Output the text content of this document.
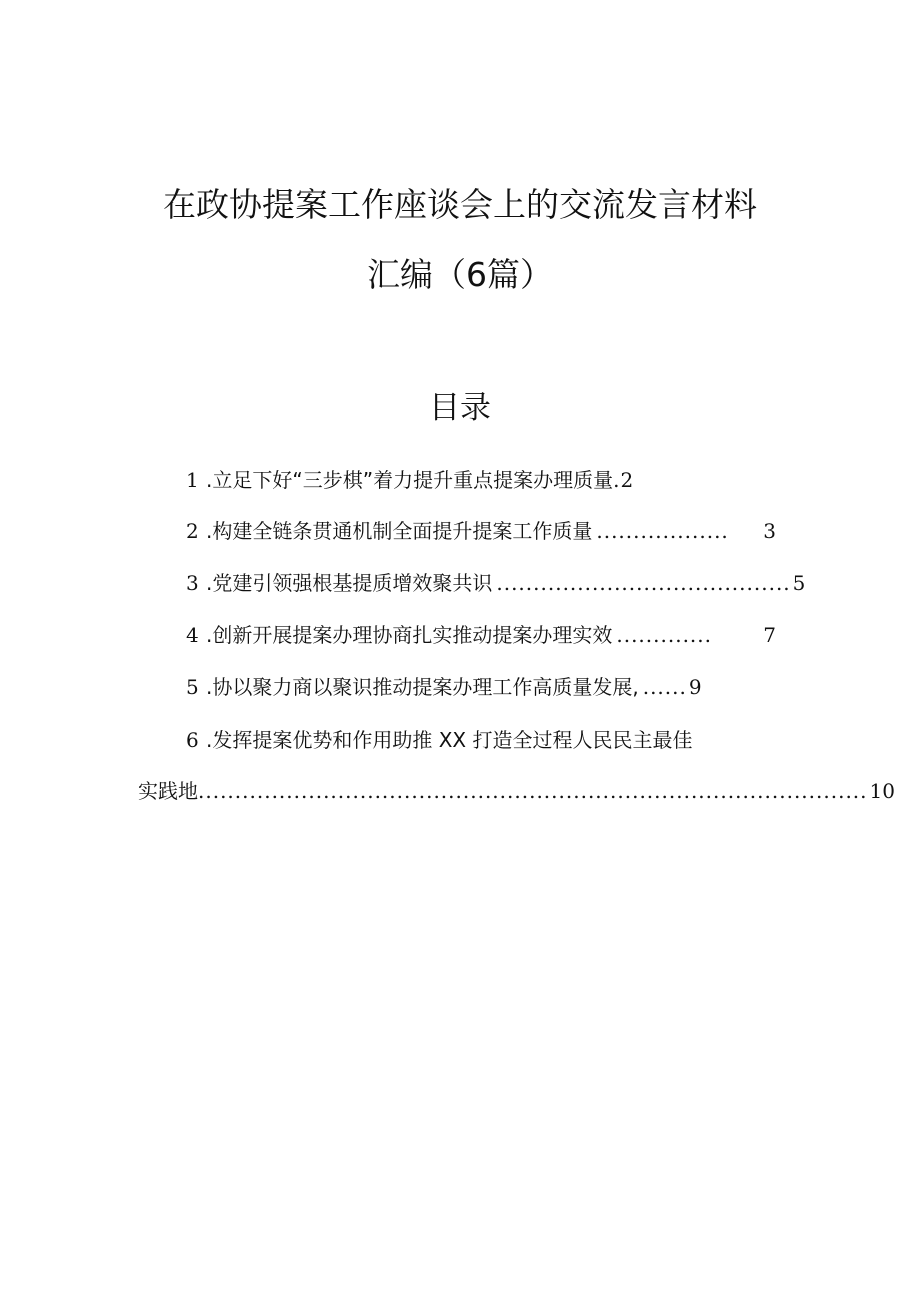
在政协提案工作座谈会上的交流发言材料
汇编（6篇）
目录
1 .立足下好“三步棋”着力提升重点提案办理质量 . 2
2 .构建全链条贯通机制全面提升提案工作质量 ..................	3
3 .党建引领强根基提质增效聚共识 ........................................ 5
4 .创新开展提案办理协商扎实推动提案办理实效 .............	7
5 .协以聚力商以聚识推动提案办理工作高质量发展, ...... 9
6 .发挥提案优势和作用助推 XX 打造全过程人民民主最佳
实践地 ........................................................................................... 10
